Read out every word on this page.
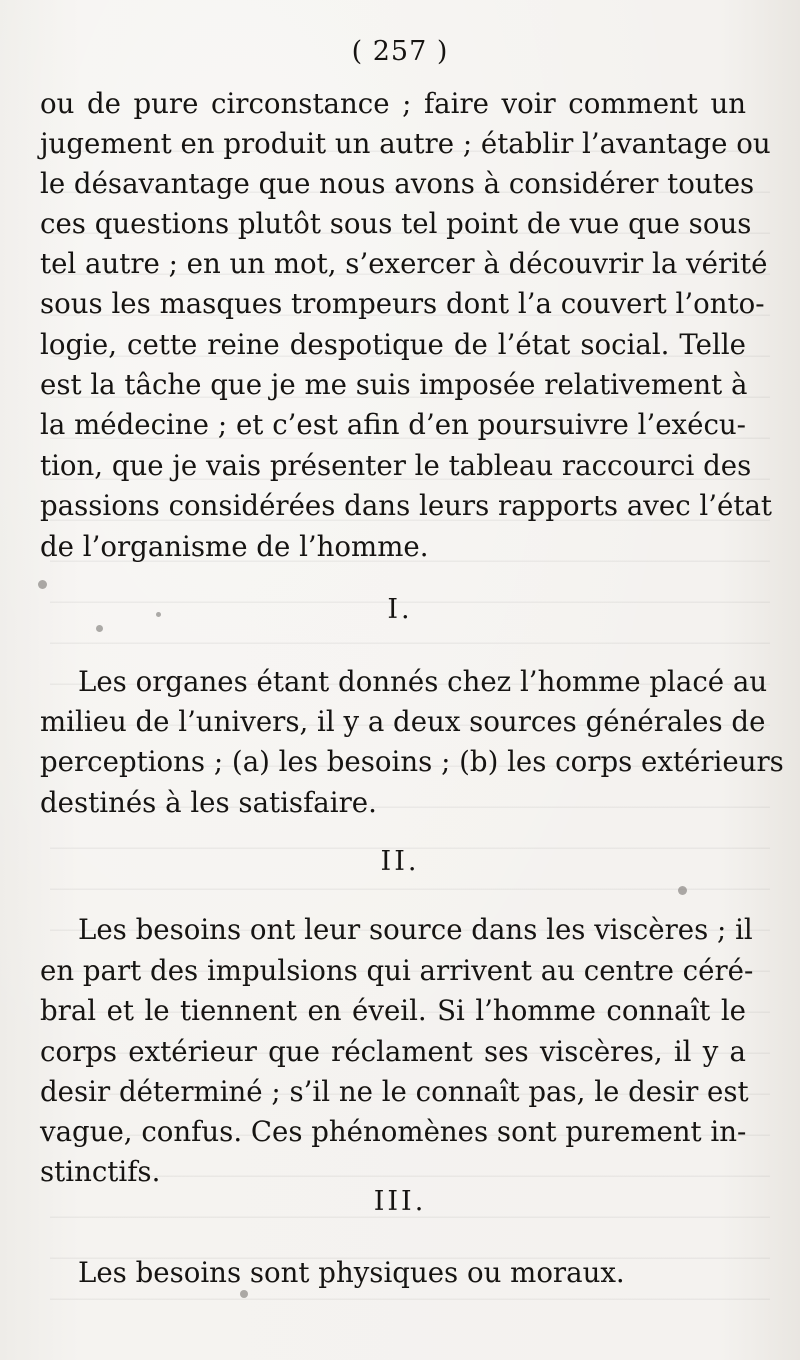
( 257 )
ou de pure circonstance ; faire voir comment un
jugement en produit un autre ; établir l’avantage ou
le désavantage que nous avons à considérer toutes
ces questions plutôt sous tel point de vue que sous
tel autre ; en un mot, s’exercer à découvrir la vérité
sous les masques trompeurs dont l’a couvert l’onto-
logie, cette reine despotique de l’état social. Telle
est la tâche que je me suis imposée relativement à
la médecine ; et c’est afin d’en poursuivre l’exécu-
tion, que je vais présenter le tableau raccourci des
passions considérées dans leurs rapports avec l’état
de l’organisme de l’homme.
I.
Les organes étant donnés chez l’homme placé au
milieu de l’univers, il y a deux sources générales de
perceptions ; (a) les besoins ; (b) les corps extérieurs
destinés à les satisfaire.
II.
Les besoins ont leur source dans les viscères ; il
en part des impulsions qui arrivent au centre céré-
bral et le tiennent en éveil. Si l’homme connaît le
corps extérieur que réclament ses viscères, il y a
desir déterminé ; s’il ne le connaît pas, le desir est
vague, confus. Ces phénomènes sont purement in-
stinctifs.
III.
Les besoins sont physiques ou moraux.
